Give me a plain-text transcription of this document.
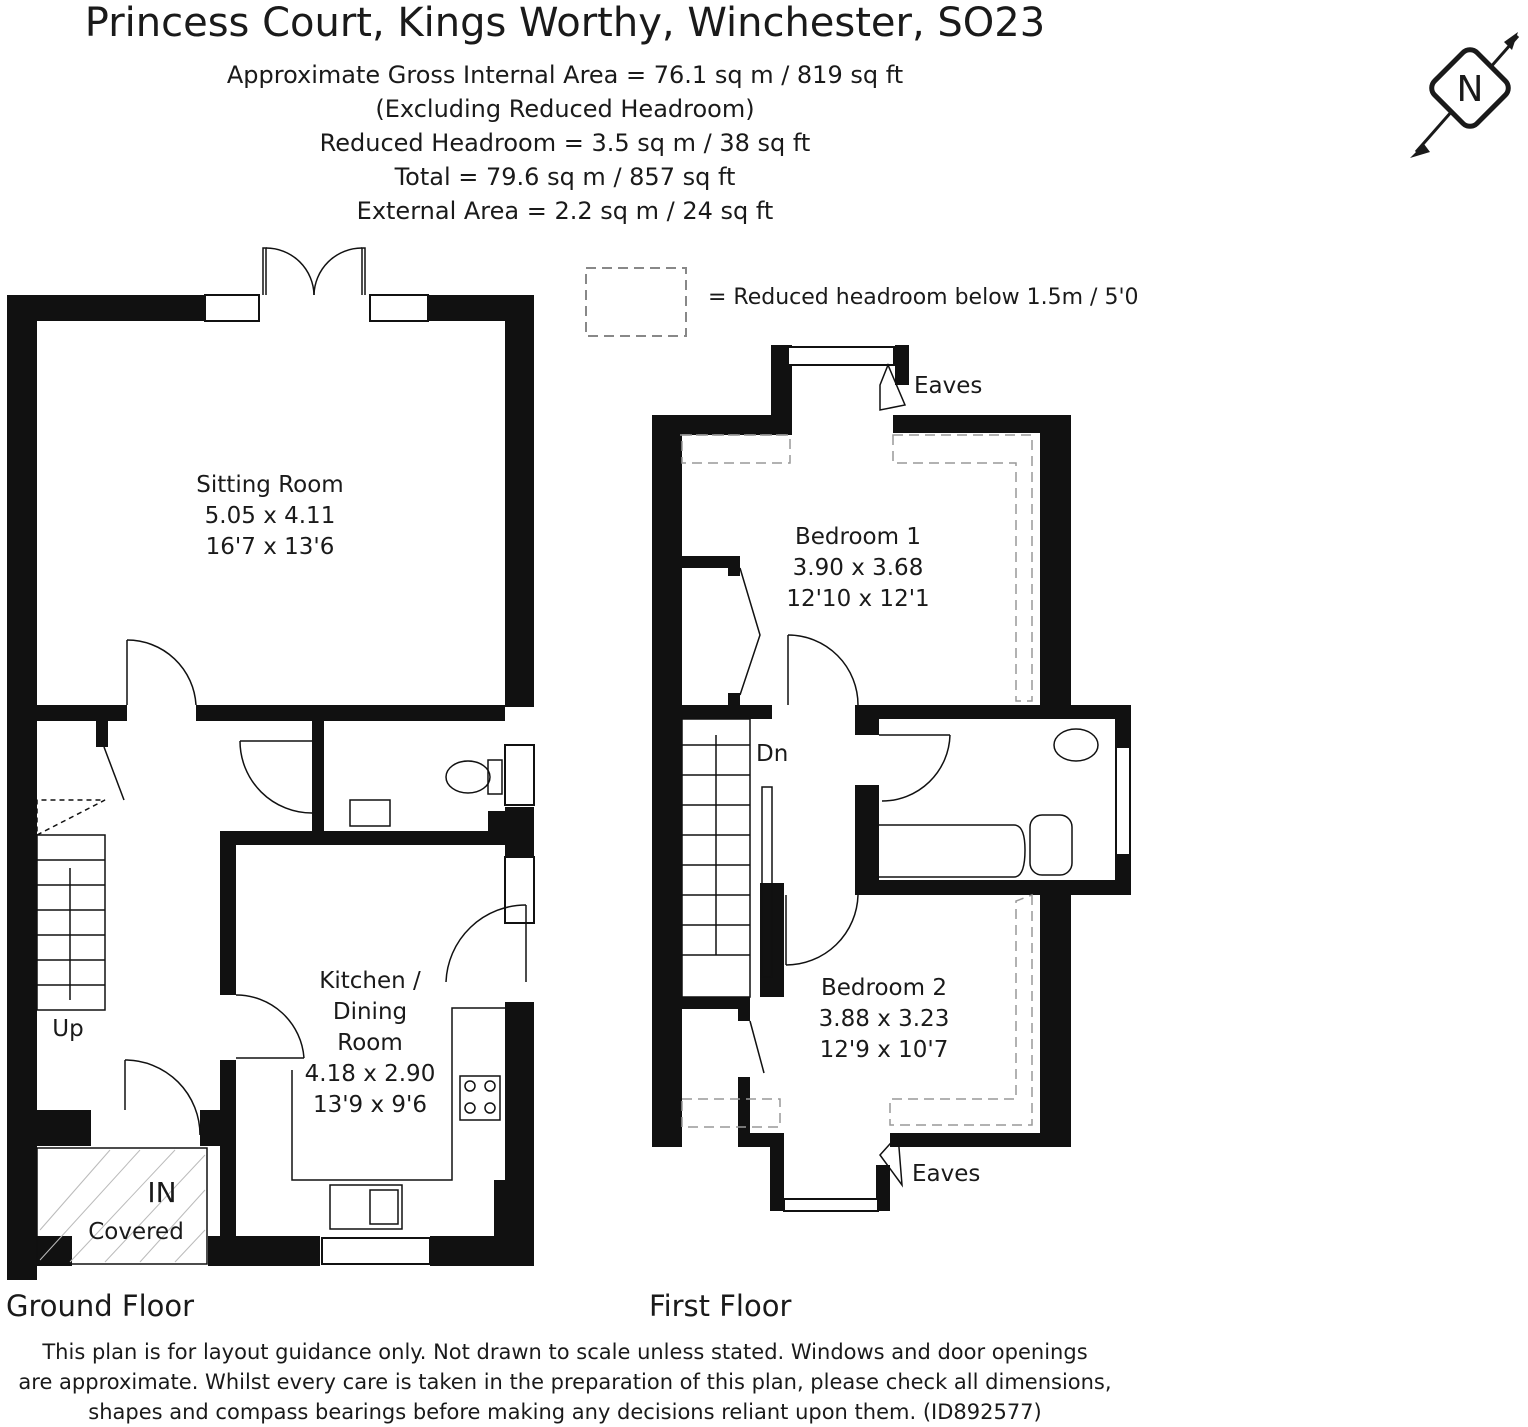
Princess Court, Kings Worthy, Winchester, SO23
Approximate Gross Internal Area = 76.1 sq m / 819 sq ft
(Excluding Reduced Headroom)
Reduced Headroom = 3.5 sq m / 38 sq ft
Total = 79.6 sq m / 857 sq ft
External Area = 2.2 sq m / 24 sq ft
N
= Reduced headroom below 1.5m / 5'0
Sitting Room
5.05 x 4.11
16'7 x 13'6
Kitchen /
Dining
Room
4.18 x 2.90
13'9 x 9'6
Up
IN
Covered
Ground Floor
Bedroom 1
3.90 x 3.68
12'10 x 12'1
Bedroom 2
3.88 x 3.23
12'9 x 10'7
Dn
Eaves
Eaves
First Floor
This plan is for layout guidance only. Not drawn to scale unless stated. Windows and door openings
are approximate. Whilst every care is taken in the preparation of this plan, please check all dimensions,
shapes and compass bearings before making any decisions reliant upon them. (ID892577)
